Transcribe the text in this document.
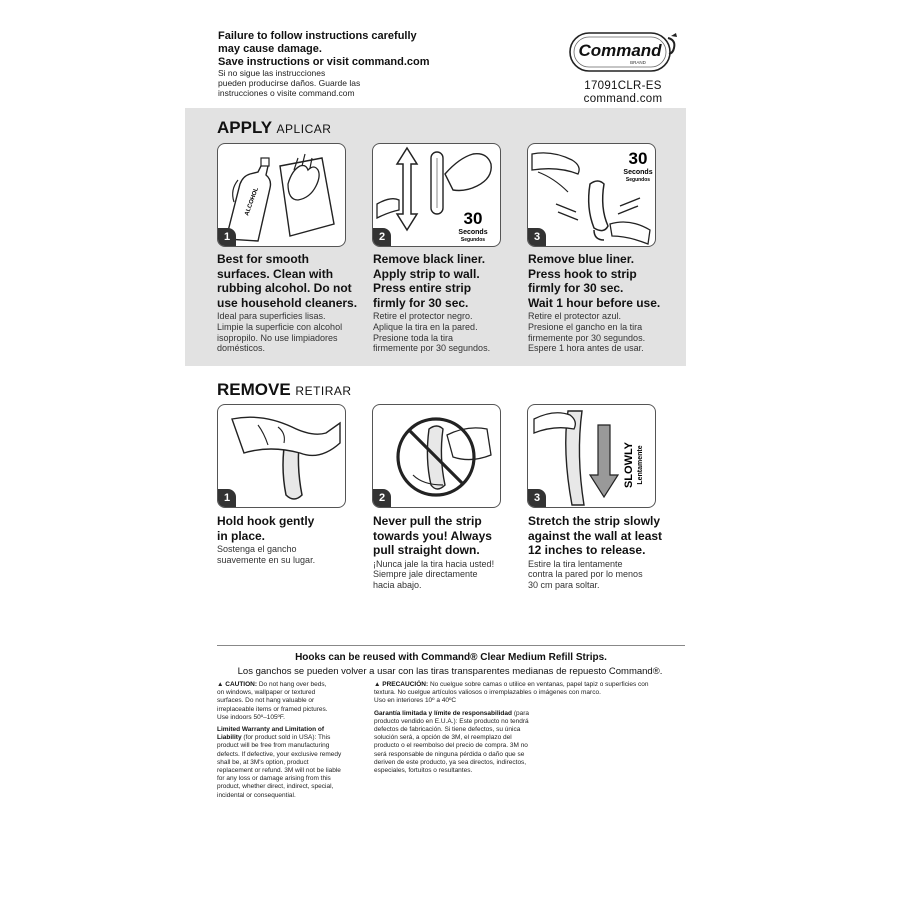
Failure to follow instructions carefully
may cause damage.
Save instructions or visit command.com
Si no sigue las instrucciones
pueden producirse daños. Guarde las
instrucciones o visite command.com
Command
BRAND
17091CLR-ES
command.com
APPLY APLICAR
ALCOHOL
1
30
Seconds
Segundos
2
30
Seconds
Segundos
3
Best for smooth
surfaces. Clean with
rubbing alcohol. Do not
use household cleaners.
Ideal para superficies lisas.
Limpie la superficie con alcohol
isopropilo. No use limpiadores
domésticos.
Remove black liner.
Apply strip to wall.
Press entire strip
firmly for 30 sec.
Retire el protector negro.
Aplique la tira en la pared.
Presione toda la tira
firmemente por 30 segundos.
Remove blue liner.
Press hook to strip
firmly for 30 sec.
Wait 1 hour before use.
Retire el protector azul.
Presione el gancho en la tira
firmemente por 30 segundos.
Espere 1 hora antes de usar.
REMOVE RETIRAR
1	2
SLOWLY Lentamente
3
Hold hook gently
in place.
Sostenga el gancho
suavemente en su lugar.
Never pull the strip
towards you! Always
pull straight down.
¡Nunca jale la tira hacia usted!
Siempre jale directamente
hacia abajo.
Stretch the strip slowly
against the wall at least
12 inches to release.
Estire la tira lentamente
contra la pared por lo menos
30 cm para soltar.
Hooks can be reused with Command® Clear Medium Refill Strips.
Los ganchos se pueden volver a usar con las tiras transparentes medianas de repuesto Command®.
▲ CAUTION: Do not hang over beds,
on windows, wallpaper or textured
surfaces. Do not hang valuable or
irreplaceable items or framed pictures.
Use indoors 50º–105ºF.
Limited Warranty and Limitation of
Liability (for product sold in USA): This
product will be free from manufacturing
defects. If defective, your exclusive remedy
shall be, at 3M's option, product
replacement or refund. 3M will not be liable
for any loss or damage arising from this
product, whether direct, indirect, special,
incidental or consequential.
▲ PRECAUCIÓN: No cuelgue sobre camas o utilice en ventanas, papel tapiz o superficies con
textura. No cuelgue artículos valiosos o irremplazables o imágenes con marco.
Uso en interiores 10º a 40ºC
Garantía limitada y límite de responsabilidad (para
producto vendido en E.U.A.): Este producto no tendrá
defectos de fabricación. Si tiene defectos, su única
solución será, a opción de 3M, el reemplazo del
producto o el reembolso del precio de compra. 3M no
será responsable de ninguna pérdida o daño que se
deriven de este producto, ya sea directos, indirectos,
especiales, fortuitos o resultantes.
